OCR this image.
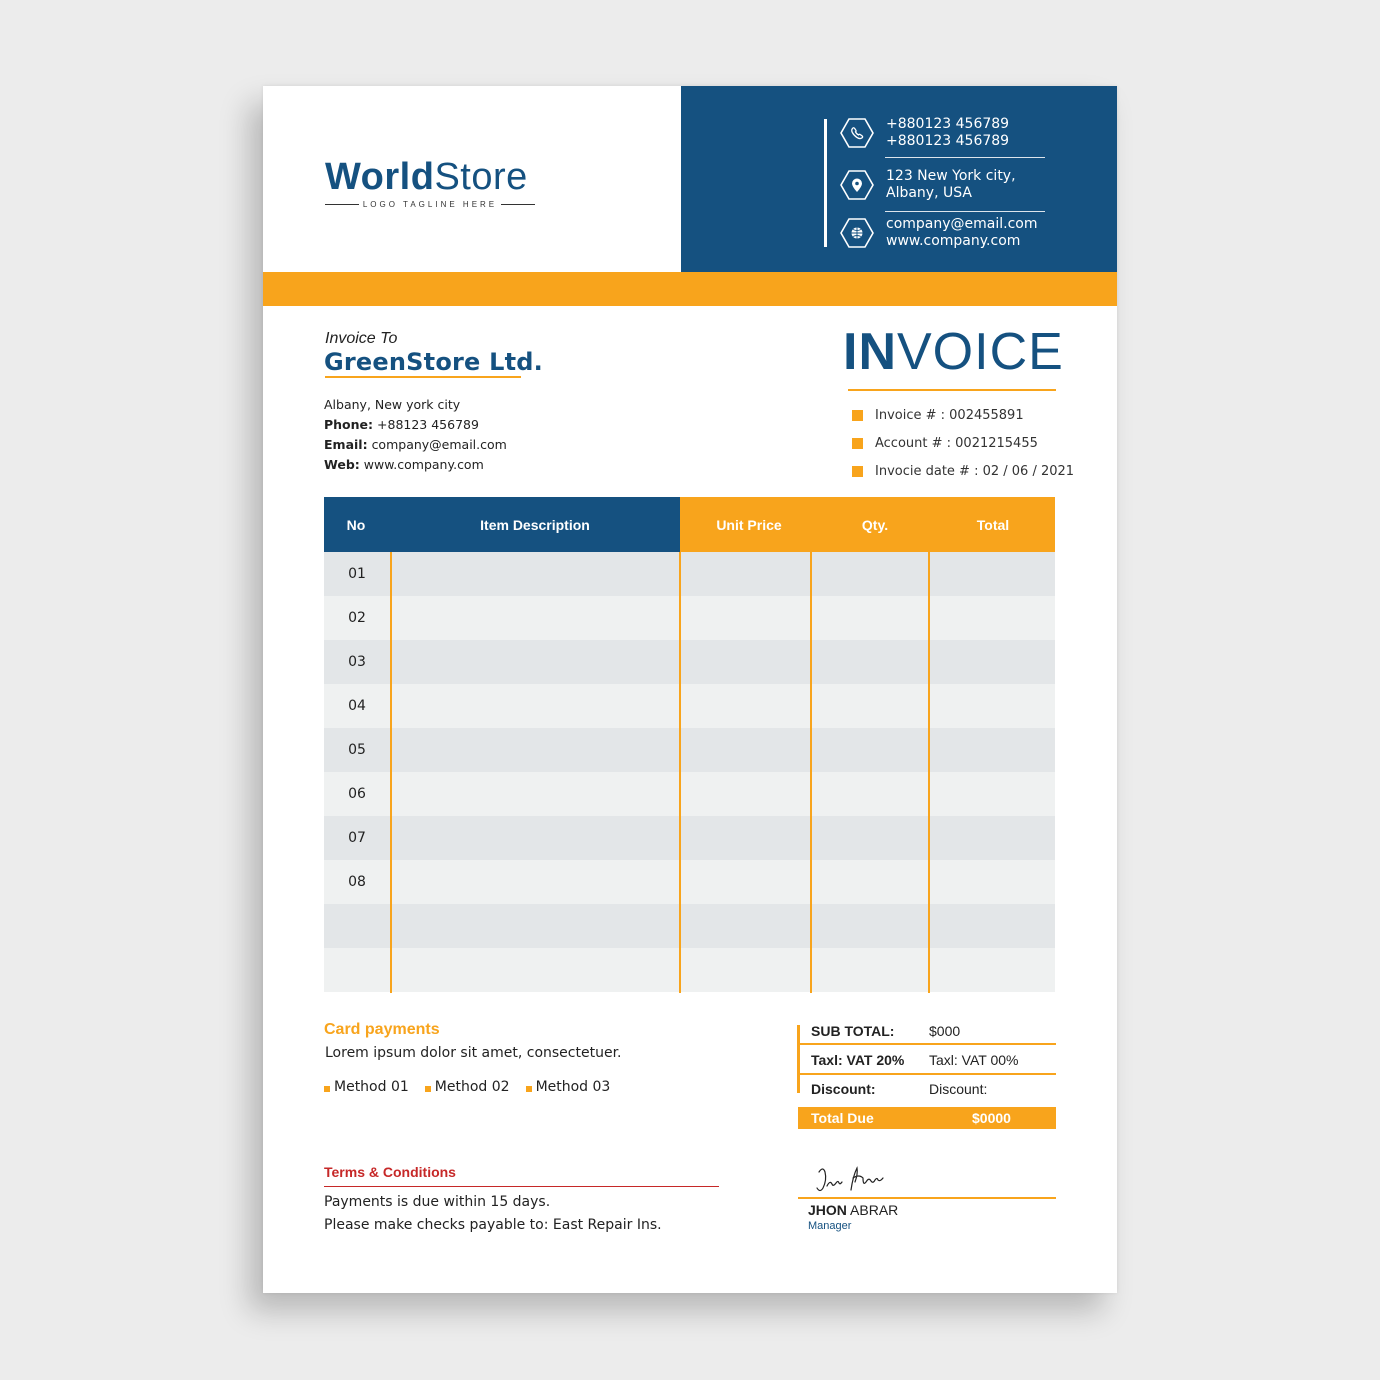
WorldStore
LOGO TAGLINE HERE
+880123 456789
+880123 456789
123 New York city,
Albany, USA
company@email.com
www.company.com
Invoice To
GreenStore Ltd.
Albany, New york city
Phone: +88123 456789
Email: company@email.com
Web: www.company.com
INVOICE
Invoice # : 002455891
Account # : 0021215455
Invocie date # : 02 / 06 / 2021
No	Item Description	Unit Price	Qty.	Total
01
02
03
04
05
06
07
08
Card payments
Lorem ipsum dolor sit amet, consectetuer.
Method 01 Method 02 Method 03
SUB TOTAL: $000
Taxl: VAT 20% Taxl: VAT 00%
Discount:	Discount:
Total Due	$0000
Terms & Conditions
Payments is due within 15 days.
Please make checks payable to: East Repair Ins.
JHON ABRAR
Manager
